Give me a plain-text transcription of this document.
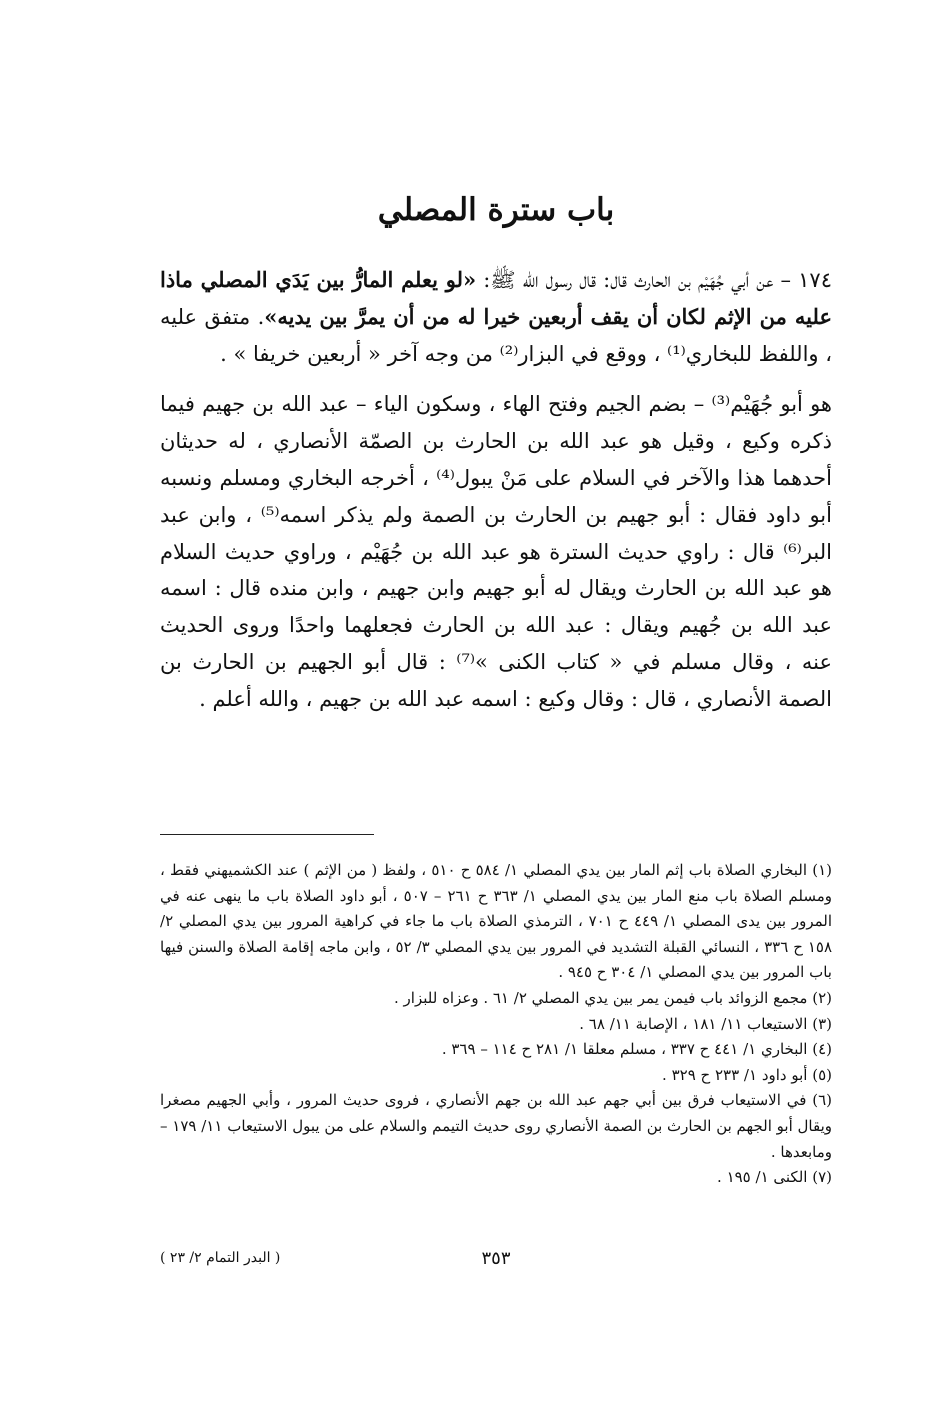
باب سترة المصلي

١٧٤ – عن أبي جُهَيْم بن الحارث قال: قال رسول الله ﷺ: «لو يعلم المارُّ بين يَدَي المصلي ماذا عليه من الإثم لكان أن يقف أربعين خيرا له من أن يمرَّ بين يديه». متفق عليه ، واللفظ للبخاري⁽¹⁾ ، ووقع في البزار⁽²⁾ من وجه آخر « أربعين خريفا » .

هو أبو جُهَيْم⁽³⁾ – بضم الجيم وفتح الهاء ، وسكون الياء – عبد الله بن جهيم فيما ذكره وكيع ، وقيل هو عبد الله بن الحارث بن الصمّة الأنصاري ، له حديثان أحدهما هذا والآخر في السلام على مَنْ يبول⁽⁴⁾ ، أخرجه البخاري ومسلم ونسبه أبو داود فقال : أبو جهيم بن الحارث بن الصمة ولم يذكر اسمه⁽⁵⁾ ، وابن عبد البر⁽⁶⁾ قال : راوي حديث السترة هو عبد الله بن جُهَيْم ، وراوي حديث السلام هو عبد الله بن الحارث ويقال له أبو جهيم وابن جهيم ، وابن منده قال : اسمه عبد الله بن جُهيم ويقال : عبد الله بن الحارث فجعلهما واحدًا وروى الحديث عنه ، وقال مسلم في « كتاب الكنى »⁽⁷⁾ : قال أبو الجهيم بن الحارث بن الصمة الأنصاري ، قال : وقال وكيع : اسمه عبد الله بن جهيم ، والله أعلم .

(١) البخاري الصلاة باب إثم المار بين يدي المصلي ١/ ٥٨٤ ح ٥١٠ ، ولفظ ( من الإثم ) عند الكشميهني فقط ، ومسلم الصلاة باب منع المار بين يدي المصلي ١/ ٣٦٣ ح ٢٦١ – ٥٠٧ ، أبو داود الصلاة باب ما ينهى عنه في المرور بين يدى المصلي ١/ ٤٤٩ ح ٧٠١ ، الترمذي الصلاة باب ما جاء في كراهية المرور بين يدي المصلي ٢/ ١٥٨ ح ٣٣٦ ، النسائي القبلة التشديد في المرور بين يدي المصلي ٣/ ٥٢ ، وابن ماجه إقامة الصلاة والسنن فيها باب المرور بين يدي المصلي ١/ ٣٠٤ ح ٩٤٥ .
(٢) مجمع الزوائد باب فيمن يمر بين يدي المصلي ٢/ ٦١ . وعزاه للبزار .
(٣) الاستيعاب ١١/ ١٨١ ، الإصابة ١١/ ٦٨ .
(٤) البخاري ١/ ٤٤١ ح ٣٣٧ ، مسلم معلقا ١/ ٢٨١ ح ١١٤ – ٣٦٩ .
(٥) أبو داود ١/ ٢٣٣ ح ٣٢٩ .
(٦) في الاستيعاب فرق بين أبي جهم عبد الله بن جهم الأنصاري ، فروى حديث المرور ، وأبي الجهيم مصغرا ويقال أبو الجهم بن الحارث بن الصمة الأنصاري روى حديث التيمم والسلام على من يبول الاستيعاب ١١/ ١٧٩ – ومابعدها .
(٧) الكنى ١/ ١٩٥ .
٣٥٣
( البدر التمام ٢/ ٢٣ )
